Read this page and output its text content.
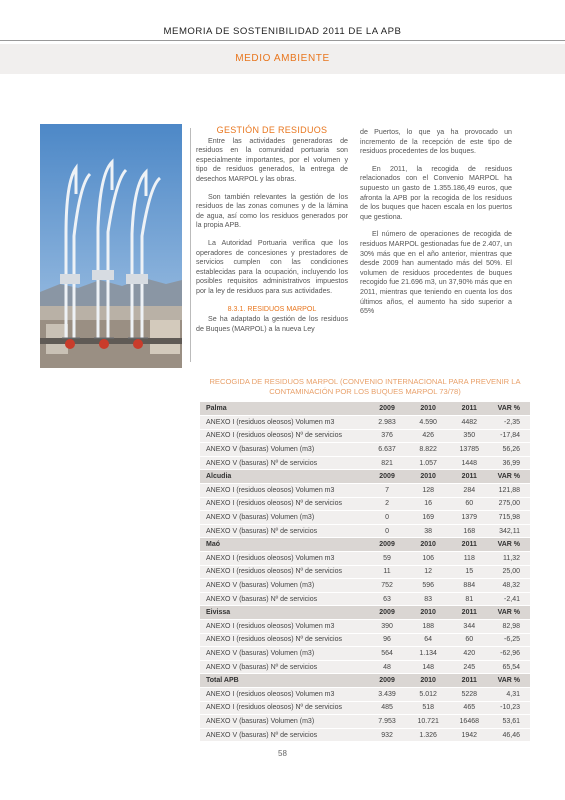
MEMORIA DE SOSTENIBILIDAD 2011 DE LA APB
MEDIO AMBIENTE
GESTIÓN DE RESIDUOS

Entre las actividades generadoras de residuos en la comunidad portuaria son especialmente importantes, por el volumen y tipo de residuos generados, la entrega de desechos MARPOL y las obras.

Son también relevantes la gestión de los residuos de las zonas comunes y de la lámina de agua, así como los residuos generados por la propia APB.

La Autoridad Portuaria verifica que los operadores de concesiones y prestadores de servicios cumplen con las condiciones establecidas para la ocupación, incluyendo los posibles requisitos administrativos impuestos por la ley de residuos para sus actividades.

8.3.1. RESIDUOS MARPOL

Se ha adaptado la gestión de los residuos de Buques (MARPOL) a la nueva Ley

de Puertos, lo que ya ha provocado un incremento de la recepción de este tipo de residuos procedentes de los buques.

En 2011, la recogida de residuos relacionados con el Convenio MARPOL ha supuesto un gasto de 1.355.186,49 euros, que afronta la APB por la recogida de los residuos de los buques que hacen escala en los puertos que gestiona.

El número de operaciones de recogida de residuos MARPOL gestionadas fue de 2.407, un 30% más que en el año anterior, mientras que desde 2009 han aumentado más del 50%. El volumen de residuos procedentes de buques recogido fue 21.696 m3, un 37,90% más que en 2011, mientras que teniendo en cuenta los dos últimos años, el aumento ha sido superior a 65%

RECOGIDA DE RESIDUOS MARPOL (CONVENIO INTERNACIONAL PARA PREVENIR LA CONTAMINACIÓN POR LOS BUQUES MARPOL 73/78)
Palma	2009	2010	2011	VAR %
ANEXO I (residuos oleosos) Volumen m3	2.983	4.590	4482	-2,35
ANEXO I (residuos oleosos) Nº de servicios	376	426	350	-17,84
ANEXO V (basuras) Volumen (m3)	6.637	8.822	13785	56,26
ANEXO V (basuras) Nº de servicios	821	1.057	1448	36,99
Alcudia	2009	2010	2011	VAR %
ANEXO I (residuos oleosos) Volumen m3	7	128	284	121,88
ANEXO I (residuos oleosos) Nº de servicios	2	16	60	275,00
ANEXO V (basuras) Volumen (m3)	0	169	1379	715,98
ANEXO V (basuras) Nº de servicios	0	38	168	342,11
Maó	2009	2010	2011	VAR %
ANEXO I (residuos oleosos) Volumen m3	59	106	118	11,32
ANEXO I (residuos oleosos) Nº de servicios	11	12	15	25,00
ANEXO V (basuras) Volumen (m3)	752	596	884	48,32
ANEXO V (basuras) Nº de servicios	63	83	81	-2,41
Eivissa	2009	2010	2011	VAR %
ANEXO I (residuos oleosos) Volumen m3	390	188	344	82,98
ANEXO I (residuos oleosos) Nº de servicios	96	64	60	-6,25
ANEXO V (basuras) Volumen (m3)	564	1.134	420	-62,96
ANEXO V (basuras) Nº de servicios	48	148	245	65,54
Total APB	2009	2010	2011	VAR %
ANEXO I (residuos oleosos) Volumen m3	3.439	5.012	5228	4,31
ANEXO I (residuos oleosos) Nº de servicios	485	518	465	-10,23
ANEXO V (basuras) Volumen (m3)	7.953	10.721	16468	53,61
ANEXO V (basuras) Nº de servicios	932	1.326	1942	46,46
58
